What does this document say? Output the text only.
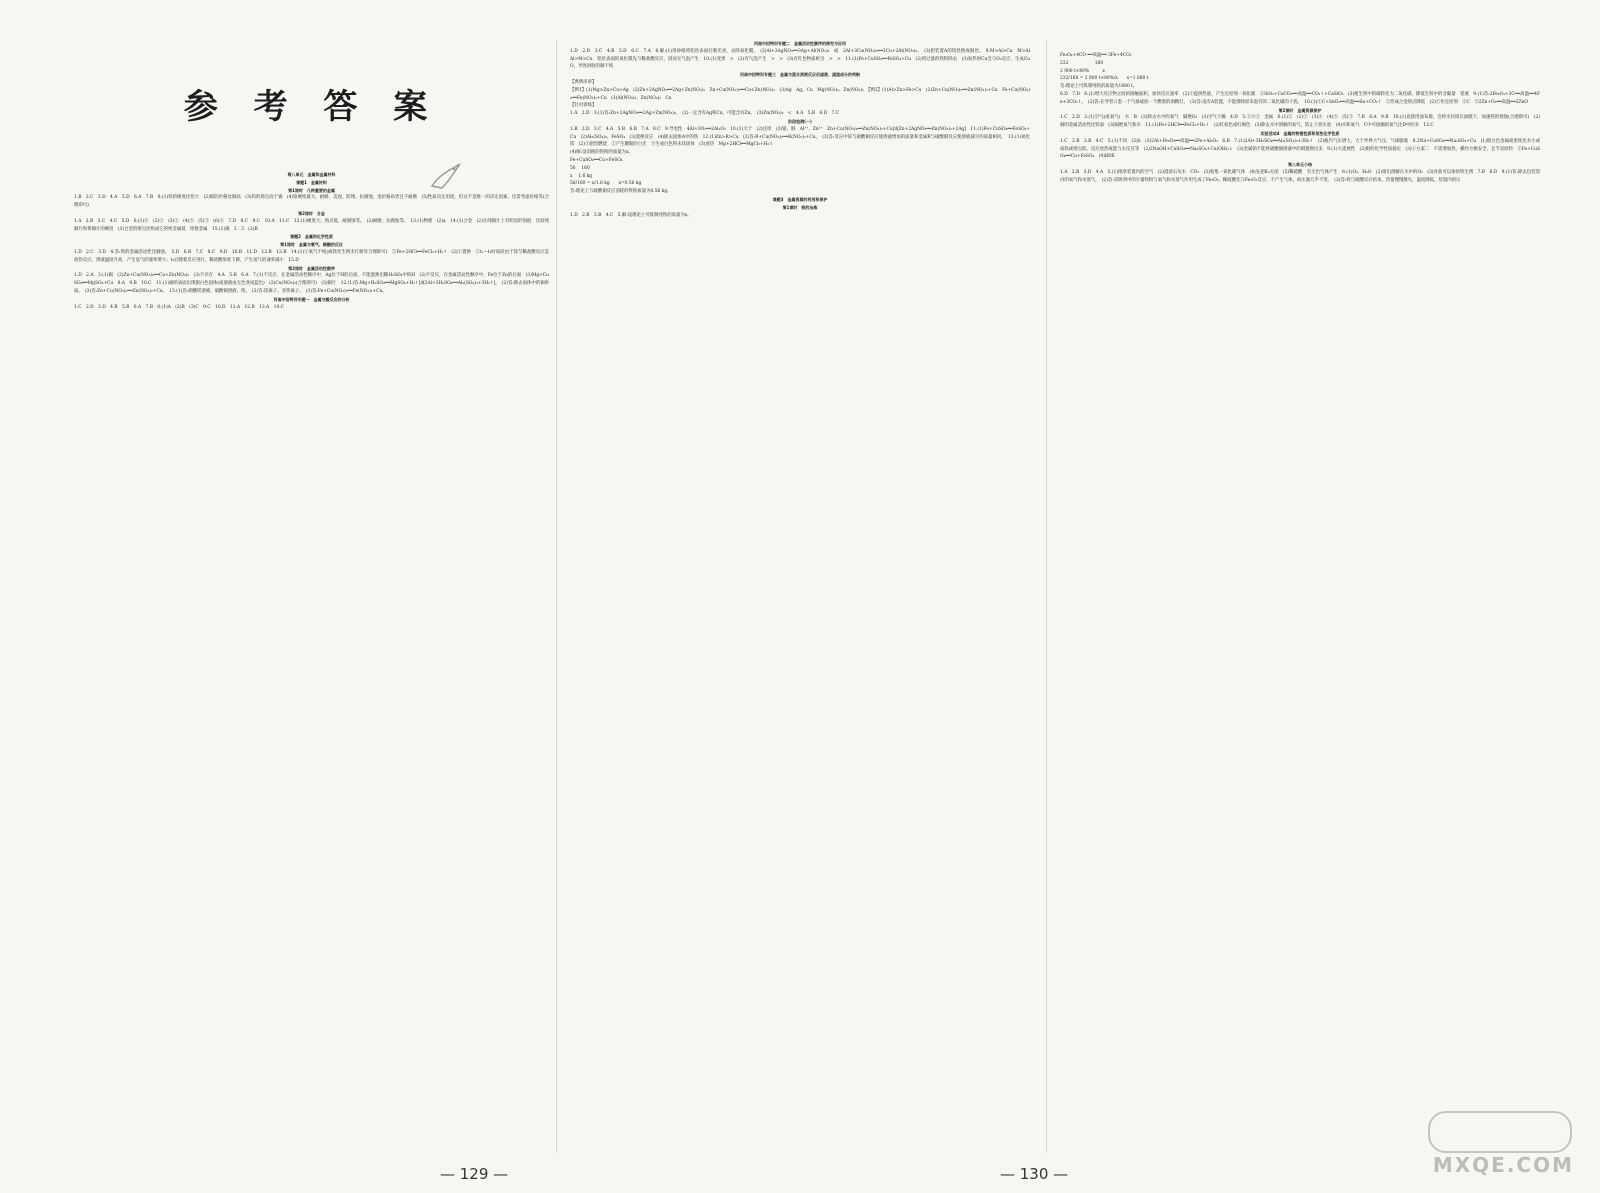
参 考 答 案

第八单元　金属和金属材料

课题1　金属材料

第1课时　几种重要的金属

1.B　2.C　3.D　4.A　5.D　6.A　7.B　8.(1)铁的硬度比铅大　(2)银的价格比铜高　(3)钨的熔点高于锡　(4)铬硬度最大，耐磨、美观、防锈、抗腐蚀，金价格昂贵且不耐磨　(5)性质决定用途，但这不是唯一的决定因素，还需考虑价格等(合理即可)

第2课时　合金

1.A　2.B　3.C　4.C　5.D　6.(1)④　(2)①　(3)②　(4)⑤　(5)③　(6)⑥　7.D　8.C　9.C　10.A　11.C　12.(1)硬度大、熔点低、耐腐蚀等。　(2)耐磨、抗腐蚀等。　13.(1)物理　(2)a　14.(1)合金　(2)在纯铜片上有明显的划痕　比较纯铜片和黄铜片的硬度　(3)合金的熔点比组成它的纯金属低　焊接金属　15.(1)锡　2∶3　(2)B

课题2　金属的化学性质

第1课时　金属与氧气、稀酸的反应

1.D　2.C　3.D　4.答:铁的金属活动性比铜强。　5.D　6.B　7.C　8.C　9.D　10.B　11.D　12.B　13.B　14.(1)①氧气不纯(或铁丝生锈未打磨等合理即可)　②Fe+2HCl══FeCl₂+H₂↑　(2)①置换　②t₁～t₂时间段由于镁与稀盐酸反应是放热反应，溶液温度升高，产生氢气的速率增大；t₂后随着反应进行，稀盐酸浓度下降，产生氢气的速率减小　15.D

第2课时　金属活动性顺序

1.D　2.A　3.(1)铜　(2)Zn+Cu(NO₃)₂══Cu+Zn(NO₃)₂　(3)不存在　4.A　5.B　6.A　7.(1)不反应，在金属活动性顺序中，Ag位于H的后面，不能置换出稀H₂SO₄中的H　(2)不反应，在金属活动性顺序中，Fe位于Zn的后面　(3)Mg+CuSO₄══MgSO₄+Cu　8.A　9.B　10.C　11.(1)铜的表面出现银白色固体(或溶液由无色变成蓝色)　(2)Cu(NO₃)₂(合理即可)　(3)铜片　12.(1)答:Mg+H₂SO₄══MgSO₄+H₂↑[或2Al+3H₂SO₄══Al₂(SO₄)₃+3H₂↑]。　(2)答:除去固体中的铜单质。　(3)答:Zn+Cu(NO₃)₂══Zn(NO₃)₂+Cu。　13.(1)答:硝酸镁溶液、硝酸铜溶液、铁。　(2)答:镁离子、亚铁离子。　(3)答:Fe+Cu(NO₃)₂══Fe(NO₃)₂+Cu。

河南中招特训专题一　金属与酸反应的分析

1.C　2.D　3.D　4.B　5.B　6.A　7.B　8.(1)A　(2)B　(3)C　9.C　10.D　11.A　12.B　13.A　14.C

河南中招特训专题二　金属活动性顺序的探究与应用

1.D　2.D　3.C　4.B　5.D　6.C　7.A　8.解:(1)用砂纸将铝丝表面打磨光亮，去除氧化膜。　(2)Al+3AgNO₃══3Ag+Al(NO₃)₃　或　2Al+3Cu(NO₃)₂══3Cu+2Al(NO₃)₃。　(3)把装置A的铝丝换成铜丝。　9.M>Al>Cu　M>Al　Al>M>Cu　铝丝表面的氧化膜先与稀盐酸反应，因而无气泡产生　10.(1)变黑　>　(2)有气泡产生　>　>　(3)有红色物质析出　>　>　11.(1)Fe+CuSO₄══FeSO₄+Cu　(2)将过量的铁粉除去　(3)加热时Cu会与O₂反应，生成CuO，导致回收的铜不纯

河南中招特训专题三　金属与混合溶液反应后滤液、滤渣成分的判断

【典例串讲】

【例1】(1)Mg>Zn>Cu>Ag　(2)Zn+2AgNO₃══2Ag+Zn(NO₃)₂　Zn+Cu(NO₃)₂══Cu+Zn(NO₃)₂　(3)Ag　Ag、Cu　Mg(NO₃)₂、Zn(NO₃)₂　【例2】(1)Al>Zn>Fe>Cu　(2)Zn+Cu(NO₃)₂══Zn(NO₃)₂+Cu　Fe+Cu(NO₃)₂══Fe(NO₃)₂+Cu　(3)Al(NO₃)₃、Zn(NO₃)₂　Cu

【针对训练】

1.A　2.D　3.(1)答:Zn+2AgNO₃══2Ag+Zn(NO₃)₂。　(2)一定含有Ag和Cu，可能含有Zn。　(3)Zn(NO₃)₂　<　4.A　5.B　6.D　7.C

阶段检测(一)

1.B　2.D　3.C　4.A　5.B　6.B　7.A　8.C　9.导电性　4Al+3O₂══2Al₂O₃　10.(1)大于　(2)还原　(3)银、铜　Al³⁺、Zn²⁺　Zn+Cu(NO₃)₂══Zn(NO₃)₂+Cu[或Zn+2AgNO₃══Zn(NO₃)₂+2Ag]　11.(1)Fe+CuSO₄══FeSO₄+Cu　(2)Al₂(SO₄)₃、FeSO₄　(3)置换反应　(4)除去固体A中的铁　12.(1)Zn>R>Cu　(2)答:R+Cu(NO₃)₂══R(NO₃)₂+Cu。　(3)答:反应中锌与硝酸铜反应使溶液增加的质量和金属R与硝酸铜反应使溶液减少的质量相同。　13.(1)氧化镁　(2)①剧烈燃烧　②产生耀眼的白光　③生成白色粉末状固体　(3)放热　Mg+2HCl══MgCl₂+H₂↑

(4)解:设消耗的铁粉的质量为x。

Fe+CuSO₄══Cu+FeSO₄

56　 160

x　 1.6 kg

56/160 = x/1.6 kg　　x=0.56 kg

答:理论上与硫酸铜反应消耗的铁粉质量为0.56 kg。

课题3　金属资源的利用和保护

第1课时　铁的冶炼

1.D　2.B　3.B　4.C　5.解:设理论上可炼制纯铁的质量为x。

Fe₃O₄+4CO ══高温══ 3Fe+4CO₂

232　　　　　　168

2 900 t×80%　　　x

232/168 = 2 900 t×80%/x　　x=1 680 t

答:理论上可炼制纯铁的质量为1680 t。

6.D　7.D　8.(1)增大反应物之间的接触面积，加快反应速率　(2)①提供热量，产生还原剂一氧化碳　②SiO₂+CaCO₃══高温══CO₂↑+CaSiO₃　(3)使生铁中的碳转化为二氧化碳，降低生铁中的含碳量　延展　9.(1)答:2Fe₂O₃+3C══高温══4Fe+3CO₂↑。　(2)答:在导管口套一个气球或放一个燃着的酒精灯。　(3)答:没有A装置，不能排除原来混有的二氧化碳的干扰。　10.(1)①C+SnO₂══高温══Sn+CO₂↑　②形成合金熔点降低　(2)①作还原剂　②C　③2Zn+O₂══高温══2ZnO

第2课时　金属资源保护

1.C　2.D　3.(1)空气(或氧气)　水　B　(2)除去水中的氧气　隔绝O₂　(3)空气干燥　4.D　5.②④⑤　金属　6.(1)②　(2)①　(3)④　(4)⑤　(5)③　7.B　8.A　9.B　10.(1)直接用油布擦，会将水封闭在油膜下，加速铁的锈蚀(合理即可)　(2)铜的金属活动性比铁弱　(3)隔绝氧气和水　11.(1)Fe+2HCl══FeCl₂+H₂↑　(2)红棕色或红褐色　(3)除去水中溶解的氧气，防止干扰实验　(4)水和氧气　C中可接触的氧气比D中的多　12.C

实验活动4　金属的物理性质和某些化学性质

1.C　2.B　3.B　4.C　5.(1)不同　(2)b　(3)2Al+Fe₂O₃══高温══2Fe+Al₂O₃　6.B　7.(1)2Al+3H₂SO₄══Al₂(SO₄)₃+3H₂↑　(2)瓶内气压增大，大于外界大气压，气球膨胀　8.2Na+CuSO₄══Na₂SO₄+Cu　(1)银白色金属或密度比水小或质软或熔点低、反应放热或能与水反应等　(2)2NaOH+CuSO₄══Na₂SO₄+Cu(OH)₂↓　(3)金属钠不能将硫酸铜溶液中的铜置换出来　9.(1)大延展性　(2)银的化学性质稳定　(3)①方案二　不需要加热，操作方便安全，且节省原料　②Fe+CuSO₄══Cu+FeSO₄　(4)BDE

第八单元小结

1.A　2.B　3.D　4.A　5.(1)排净装置内的空气　(2)澄清石灰水　CO₂　(3)收集一氧化碳气体　(4)先把K₃关闭　(5)稀硫酸　有无色气体产生　6.(1)O₂、H₂O　(2)排出溶解在水中的O₂　(3)食盐可以加快铁生锈　7.B　8.D　9.(1)答:除去包装袋内的氧气和水蒸气。　(2)答:双吸剂中的少量铁粉与氧气和水蒸气作用生成了Fe₂O₃，稀硫酸先与Fe₂O₃反应，不产生气体，故压强几乎不变。　(3)答:铁与硫酸反应结束，热量慢慢散失，温度降低，装置内的压

— 129 —	— 130 —	MXQE.COM
